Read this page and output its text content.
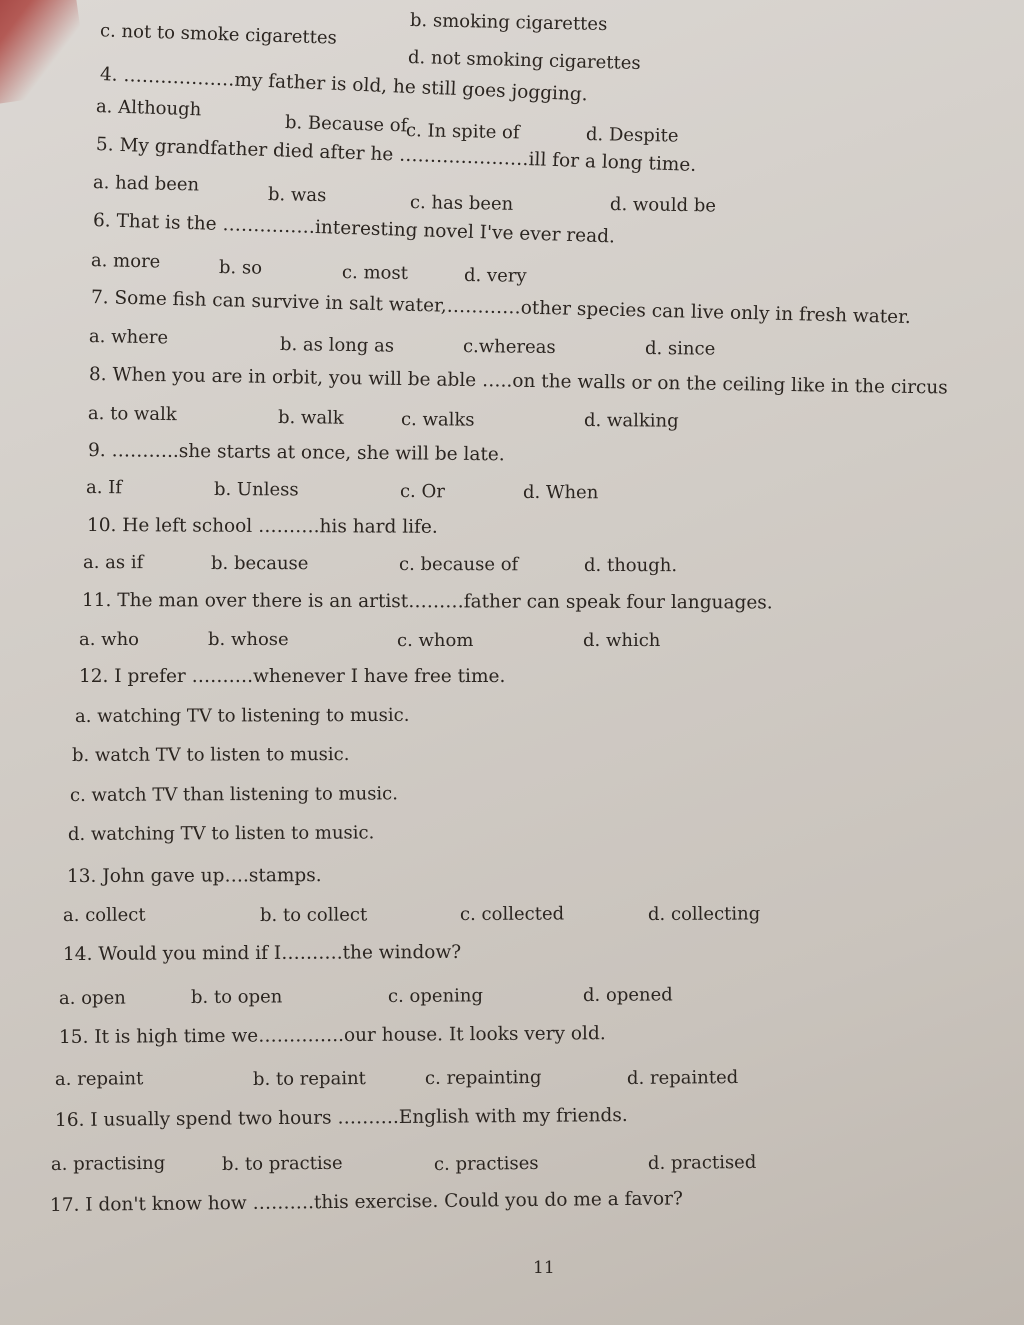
b. smoking cigarettes
c. not to smoke cigarettes
d. not smoking cigarettes
4. ………………my father is old, he still goes jogging.
a. Although
b. Because of
c. In spite of	d. Despite
5. My grandfather died after he …………………ill for a long time.
a. had been	b. was	c. has been	d. would be
6. That is the ……………interesting novel I've ever read.
a. more	b. so	c. most	d. very
7. Some fish can survive in salt water,…………other species can live only in fresh water.
a. where	b. as long as	c.whereas	d. since
8. When you are in orbit, you will be able …..on the walls or on the ceiling like in the circus
a. to walk	b. walk	c. walks	d. walking
9. ………..she starts at once, she will be late.
a. If	b. Unless	c. Or	d. When
10. He left school ……….his hard life.
a. as if	b. because	c. because of	d. though.
11. The man over there is an artist………father can speak four languages.
a. who	b. whose	c. whom	d. which
12. I prefer ……….whenever I have free time.
a. watching TV to listening to music.
b. watch TV to listen to music.
c. watch TV than listening to music.
d. watching TV to listen to music.
13. John gave up….stamps.
a. collect	b. to collect	c. collected	d. collecting
14. Would you mind if I……….the window?
a. open	b. to open	c. opening	d. opened
15. It is high time we…………..our house. It looks very old.
a. repaint	b. to repaint	c. repainting	d. repainted
16. I usually spend two hours ……….English with my friends.
a. practising	b. to practise	c. practises	d. practised
17. I don't know how ……….this exercise. Could you do me a favor?
11
